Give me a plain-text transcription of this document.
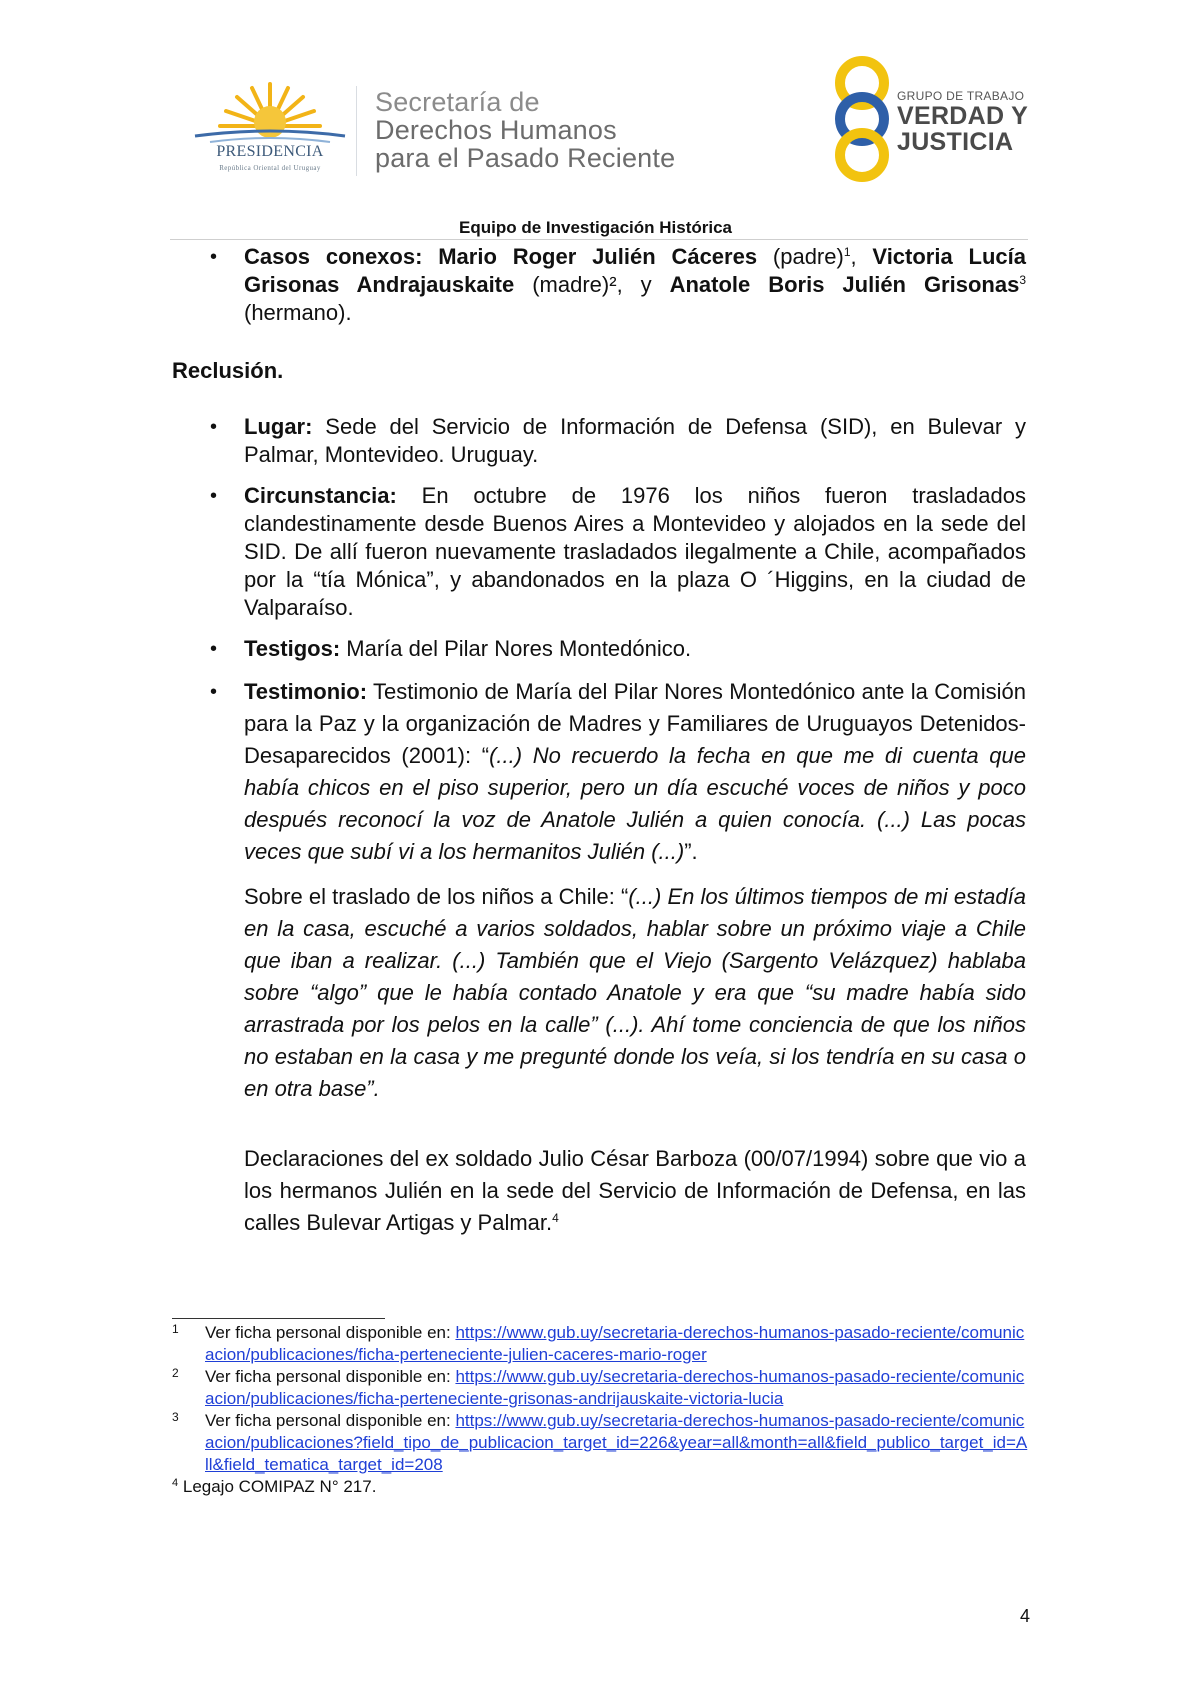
PRESIDENCIA
República Oriental del Uruguay
Secretaría de
Derechos Humanos
para el Pasado Reciente
GRUPO DE TRABAJO
VERDAD Y
JUSTICIA
Equipo de Investigación Histórica
• Casos conexos: Mario Roger Julién Cáceres (padre)$^1$, Victoria Lucía Grisonas Andrajauskaite (madre)², y Anatole Boris Julién Grisonas$^3$ (hermano).
Reclusión.
• Lugar: Sede del Servicio de Información de Defensa (SID), en Bulevar y Palmar, Montevideo. Uruguay.
• Circunstancia: En octubre de 1976 los niños fueron trasladados clandestinamente desde Buenos Aires a Montevideo y alojados en la sede del SID. De allí fueron nuevamente trasladados ilegalmente a Chile, acompañados por la “tía Mónica”, y abandonados en la plaza O ´Higgins, en la ciudad de Valparaíso.
• Testigos: María del Pilar Nores Montedónico.
• Testimonio: Testimonio de María del Pilar Nores Montedónico ante la Comisión para la Paz y la organización de Madres y Familiares de Uruguayos Detenidos-Desaparecidos (2001): “(...) No recuerdo la fecha en que me di cuenta que había chicos en el piso superior, pero un día escuché voces de niños y poco después reconocí la voz de Anatole Julién a quien conocía. (...) Las pocas veces que subí vi a los hermanitos Julién (...)”.
Sobre el traslado de los niños a Chile: “(...) En los últimos tiempos de mi estadía en la casa, escuché a varios soldados, hablar sobre un próximo viaje a Chile que iban a realizar. (...) También que el Viejo (Sargento Velázquez) hablaba sobre “algo” que le había contado Anatole y era que “su madre había sido arrastrada por los pelos en la calle” (...). Ahí tome conciencia de que los niños no estaban en la casa y me pregunté donde los veía, si los tendría en su casa o en otra base”.
Declaraciones del ex soldado Julio César Barboza (00/07/1994) sobre que vio a los hermanos Julién en la sede del Servicio de Información de Defensa, en las calles Bulevar Artigas y Palmar.$^4$
1 Ver ficha personal disponible en: https://www.gub.uy/secretaria-derechos-humanos-pasado-reciente/comunicacion/publicaciones/ficha-perteneciente-julien-caceres-mario-roger
2 Ver ficha personal disponible en: https://www.gub.uy/secretaria-derechos-humanos-pasado-reciente/comunicacion/publicaciones/ficha-perteneciente-grisonas-andrijauskaite-victoria-lucia
3 Ver ficha personal disponible en: https://www.gub.uy/secretaria-derechos-humanos-pasado-reciente/comunicacion/publicaciones?field_tipo_de_publicacion_target_id=226&year=all&month=all&field_publico_target_id=All&field_tematica_target_id=208
$^4$ Legajo COMIPAZ N° 217.
4
